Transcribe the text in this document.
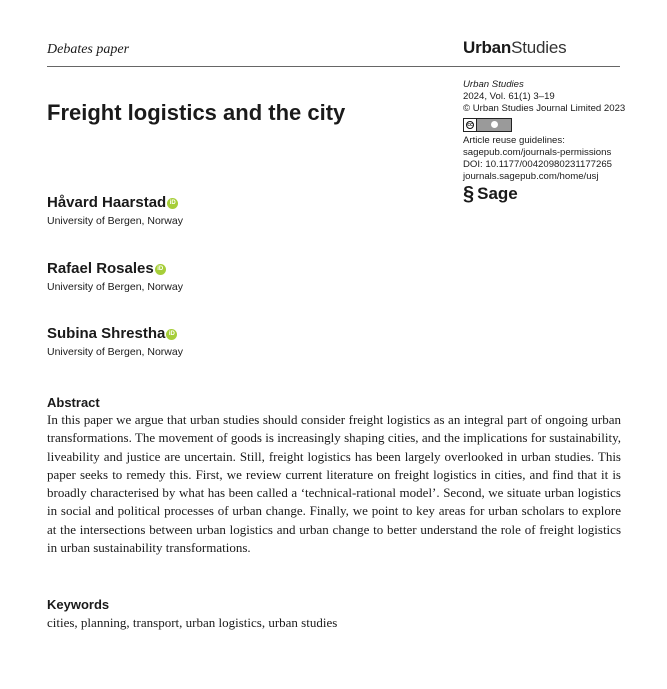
Debates paper	UrbanStudies
Freight logistics and the city
Urban Studies
2024, Vol. 61(1) 3–19
© Urban Studies Journal Limited 2023
cc
Article reuse guidelines:
sagepub.com/journals-permissions
DOI: 10.1177/00420980231177265
journals.sagepub.com/home/usj
§ Sage
Håvard Haarstad iD
University of Bergen, Norway
Rafael Rosales iD
University of Bergen, Norway
Subina Shrestha iD
University of Bergen, Norway
Abstract
In this paper we argue that urban studies should consider freight logistics as an integral part of ongoing urban transformations. The movement of goods is increasingly shaping cities, and the implications for sustainability, liveability and justice are uncertain. Still, freight logistics has been largely overlooked in urban studies. This paper seeks to remedy this. First, we review current literature on freight logistics in cities, and find that it is broadly characterised by what has been called a ‘technical-rational model’. Second, we situate urban logistics in social and political processes of urban change. Finally, we point to key areas for urban scholars to explore at the intersections between urban logistics and urban change to better understand the role of freight logistics in urban sustainability transformations.
Keywords
cities, planning, transport, urban logistics, urban studies
